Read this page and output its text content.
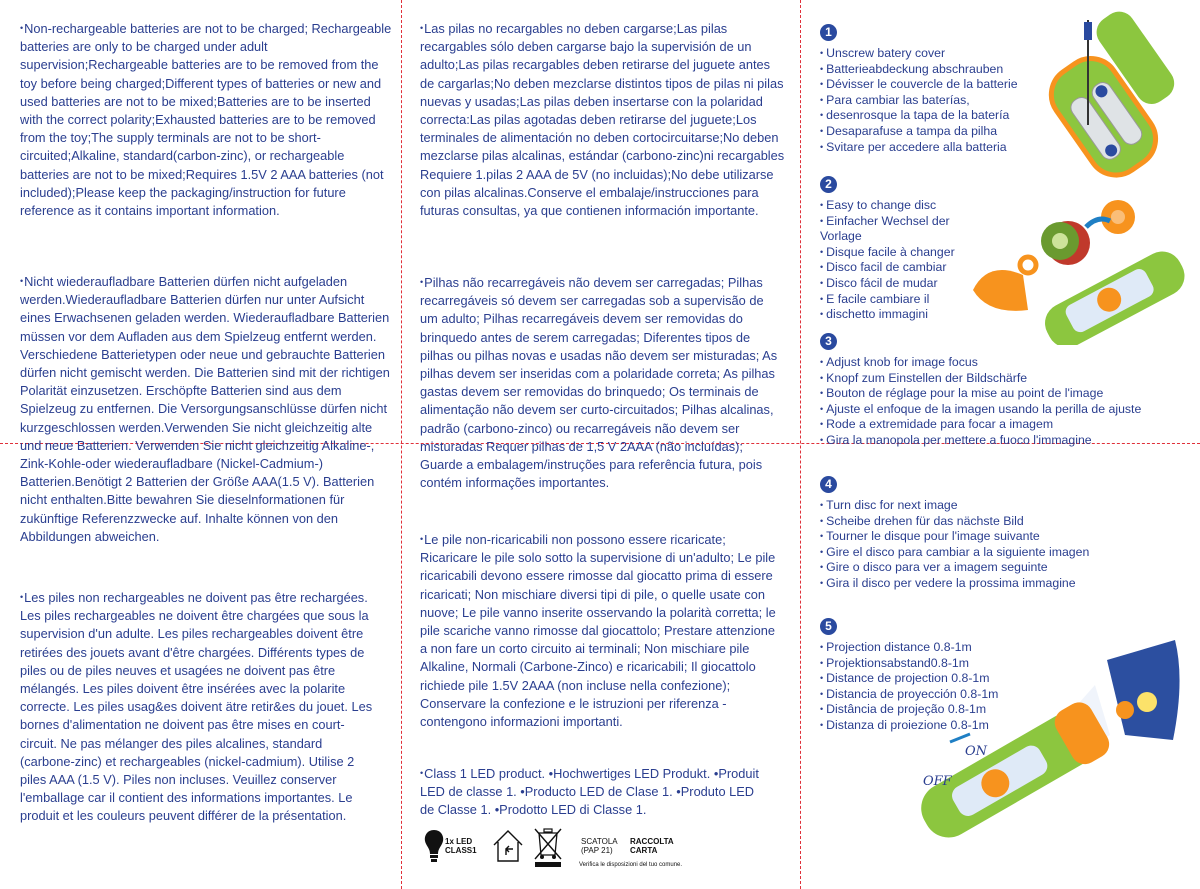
•Non-rechargeable batteries are not to be charged; Rechargeable batteries are only to be charged under adult supervision;Rechargeable batteries are to be removed from the toy before being charged;Different types of batteries or new and used batteries are not to be mixed;Batteries are to be inserted with the correct polarity;Exhausted batteries are to be removed from the toy;The supply terminals are not to be short-circuited;Alkaline, standard(carbon-zinc), or rechargeable batteries are not to be mixed;Requires 1.5V 2 AAA batteries (not included);Please keep the packaging/instruction for future reference as it contains important information.
•Nicht wiederaufladbare Batterien dürfen nicht aufgeladen werden.Wiederaufladbare Batterien dürfen nur unter Aufsicht eines Erwachsenen geladen werden. Wiederaufladbare Batterien müssen vor dem Aufladen aus dem Spielzeug entfernt werden. Verschiedene Batterietypen oder neue und gebrauchte Batterien dürfen nicht gemischt werden. Die Batterien sind mit der richtigen Polarität einzusetzen. Erschöpfte Batterien sind aus dem Spielzeug zu entfernen. Die Versorgungsanschlüsse dürfen nicht kurzgeschlossen werden.Verwenden Sie nicht gleichzeitig alte und neue Batterien. Verwenden Sie nicht gleichzeitig Alkaline-, Zink-Kohle-oder wiederaufladbare (Nickel-Cadmium-) Batterien.Benötigt 2 Batterien der Größe AAA(1.5 V). Batterien nicht enthalten.Bitte bewahren Sie dieselnformationen für zukünftige Referenzzwecke auf. Inhalte können von den Abbildungen abweichen.
•Les piles non rechargeables ne doivent pas être rechargées. Les piles rechargeables ne doivent être chargées que sous la supervision d'un adulte. Les piles rechargeables doivent être retirées des jouets avant d'être chargées. Différents types de piles ou de piles neuves et usagées ne doivent pas être mélangés. Les piles doivent être insérées avec la polarite correcte. Les piles usag&es doivent ätre retir&es du jouet. Les bornes d'alimentation ne doivent pas être mises en court-circuit. Ne pas mélanger des piles alcalines, standard (carbone-zinc) et rechargeables (nickel-cadmium). Utilise 2 piles AAA (1.5 V). Piles non incluses. Veuillez conserver l'emballage car il contient des informations importantes. Le produit et les couleurs peuvent différer de la présentation.
•Las pilas no recargables no deben cargarse;Las pilas recargables sólo deben cargarse bajo la supervisión de un adulto;Las pilas recargables deben retirarse del juguete antes de cargarlas;No deben mezclarse distintos tipos de pilas ni pilas nuevas y usadas;Las pilas deben insertarse con la polaridad correcta:Las pilas agotadas deben retirarse del juguete;Los terminales de alimentación no deben cortocircuitarse;No deben mezclarse pilas alcalinas, estándar (carbono-zinc)ni recargables Requiere 1.pilas 2 AAA de 5V (no incluidas);No debe utilizarse con pilas alcalinas.Conserve el embalaje/instrucciones para futuras consultas, ya que contienen información importante.
•Pilhas não recarregáveis não devem ser carregadas; Pilhas recarregáveis só devem ser carregadas sob a supervisão de um adulto; Pilhas recarregáveis devem ser removidas do brinquedo antes de serem carregadas; Diferentes tipos de pilhas ou pilhas novas e usadas não devem ser misturadas; As pilhas devem ser inseridas com a polaridade correta; As pilhas gastas devem ser removidas do brinquedo; Os terminais de alimentação não devem ser curto-circuitados; Pilhas alcalinas, padrão (carbono-zinco) ou recarregáveis não devem ser misturadas Requer pilhas de 1,5 V 2AAA (não incluídas); Guarde a embalagem/instruções para referência futura, pois contém informações importantes.
•Le pile non-ricaricabili non possono essere ricaricate; Ricaricare le pile solo sotto la supervisione di un'adulto; Le pile ricaricabili devono essere rimosse dal giocatto prima di essere ricaricati; Non mischiare diversi tipi di pile, o quelle usate con nuove; Le pile vanno inserite osservando la polarità corretta; le pile scariche vanno rimosse dal giocattolo; Prestare attenzione a non fare un corto circuito ai terminali; Non mischiare pile Alkaline, Normali (Carbone-Zinco) e ricaricabili; Il giocattolo richiede pile 1.5V 2AAA (non incluse nella confezione); Conservare la confezione e le istruzioni per riferenza - contengono informazioni importanti.
•Class 1 LED product. •Hochwertiges LED Produkt. •Produit LED de classe 1. •Producto LED de Clase 1. •Produto LED de Classe 1. •Prodotto LED di Classe 1.
1x LED
CLASS1
SCATOLA
(PAP 21)
RACCOLTA
CARTA
Verifica le disposizioni del tuo comune.
1
• Unscrew batery cover
• Batterieabdeckung abschrauben
• Dévisser le couvercle de la batterie
• Para cambiar las baterías,
• desenrosque la tapa de la batería
• Desaparafuse a tampa da pilha
• Svitare per accedere alla batteria
2
• Easy to change disc
• Einfacher Wechsel der Vorlage
• Disque facile à changer
• Disco facil de cambiar
• Disco fácil de mudar
• E facile cambiare il
• dischetto immagini
3
• Adjust knob for image focus
• Knopf zum Einstellen der Bildschärfe
• Bouton de réglage pour la mise au point de l'image
• Ajuste el enfoque de la imagen usando la perilla de ajuste
• Rode a extremidade para focar a imagem
• Gira la manopola per mettere a fuoco l'immagine
4
• Turn disc for next image
• Scheibe drehen für das nächste Bild
• Tourner le disque pour l'image suivante
• Gire el disco para cambiar a la siguiente imagen
• Gire o disco para ver a imagem seguinte
• Gira il disco per vedere la prossima immagine
5
• Projection distance 0.8-1m
• Projektionsabstand0.8-1m
• Distance de projection 0.8-1m
• Distancia de proyección 0.8-1m
• Distância de projeção 0.8-1m
• Distanza di proiezione 0.8-1m
ON
OFF
